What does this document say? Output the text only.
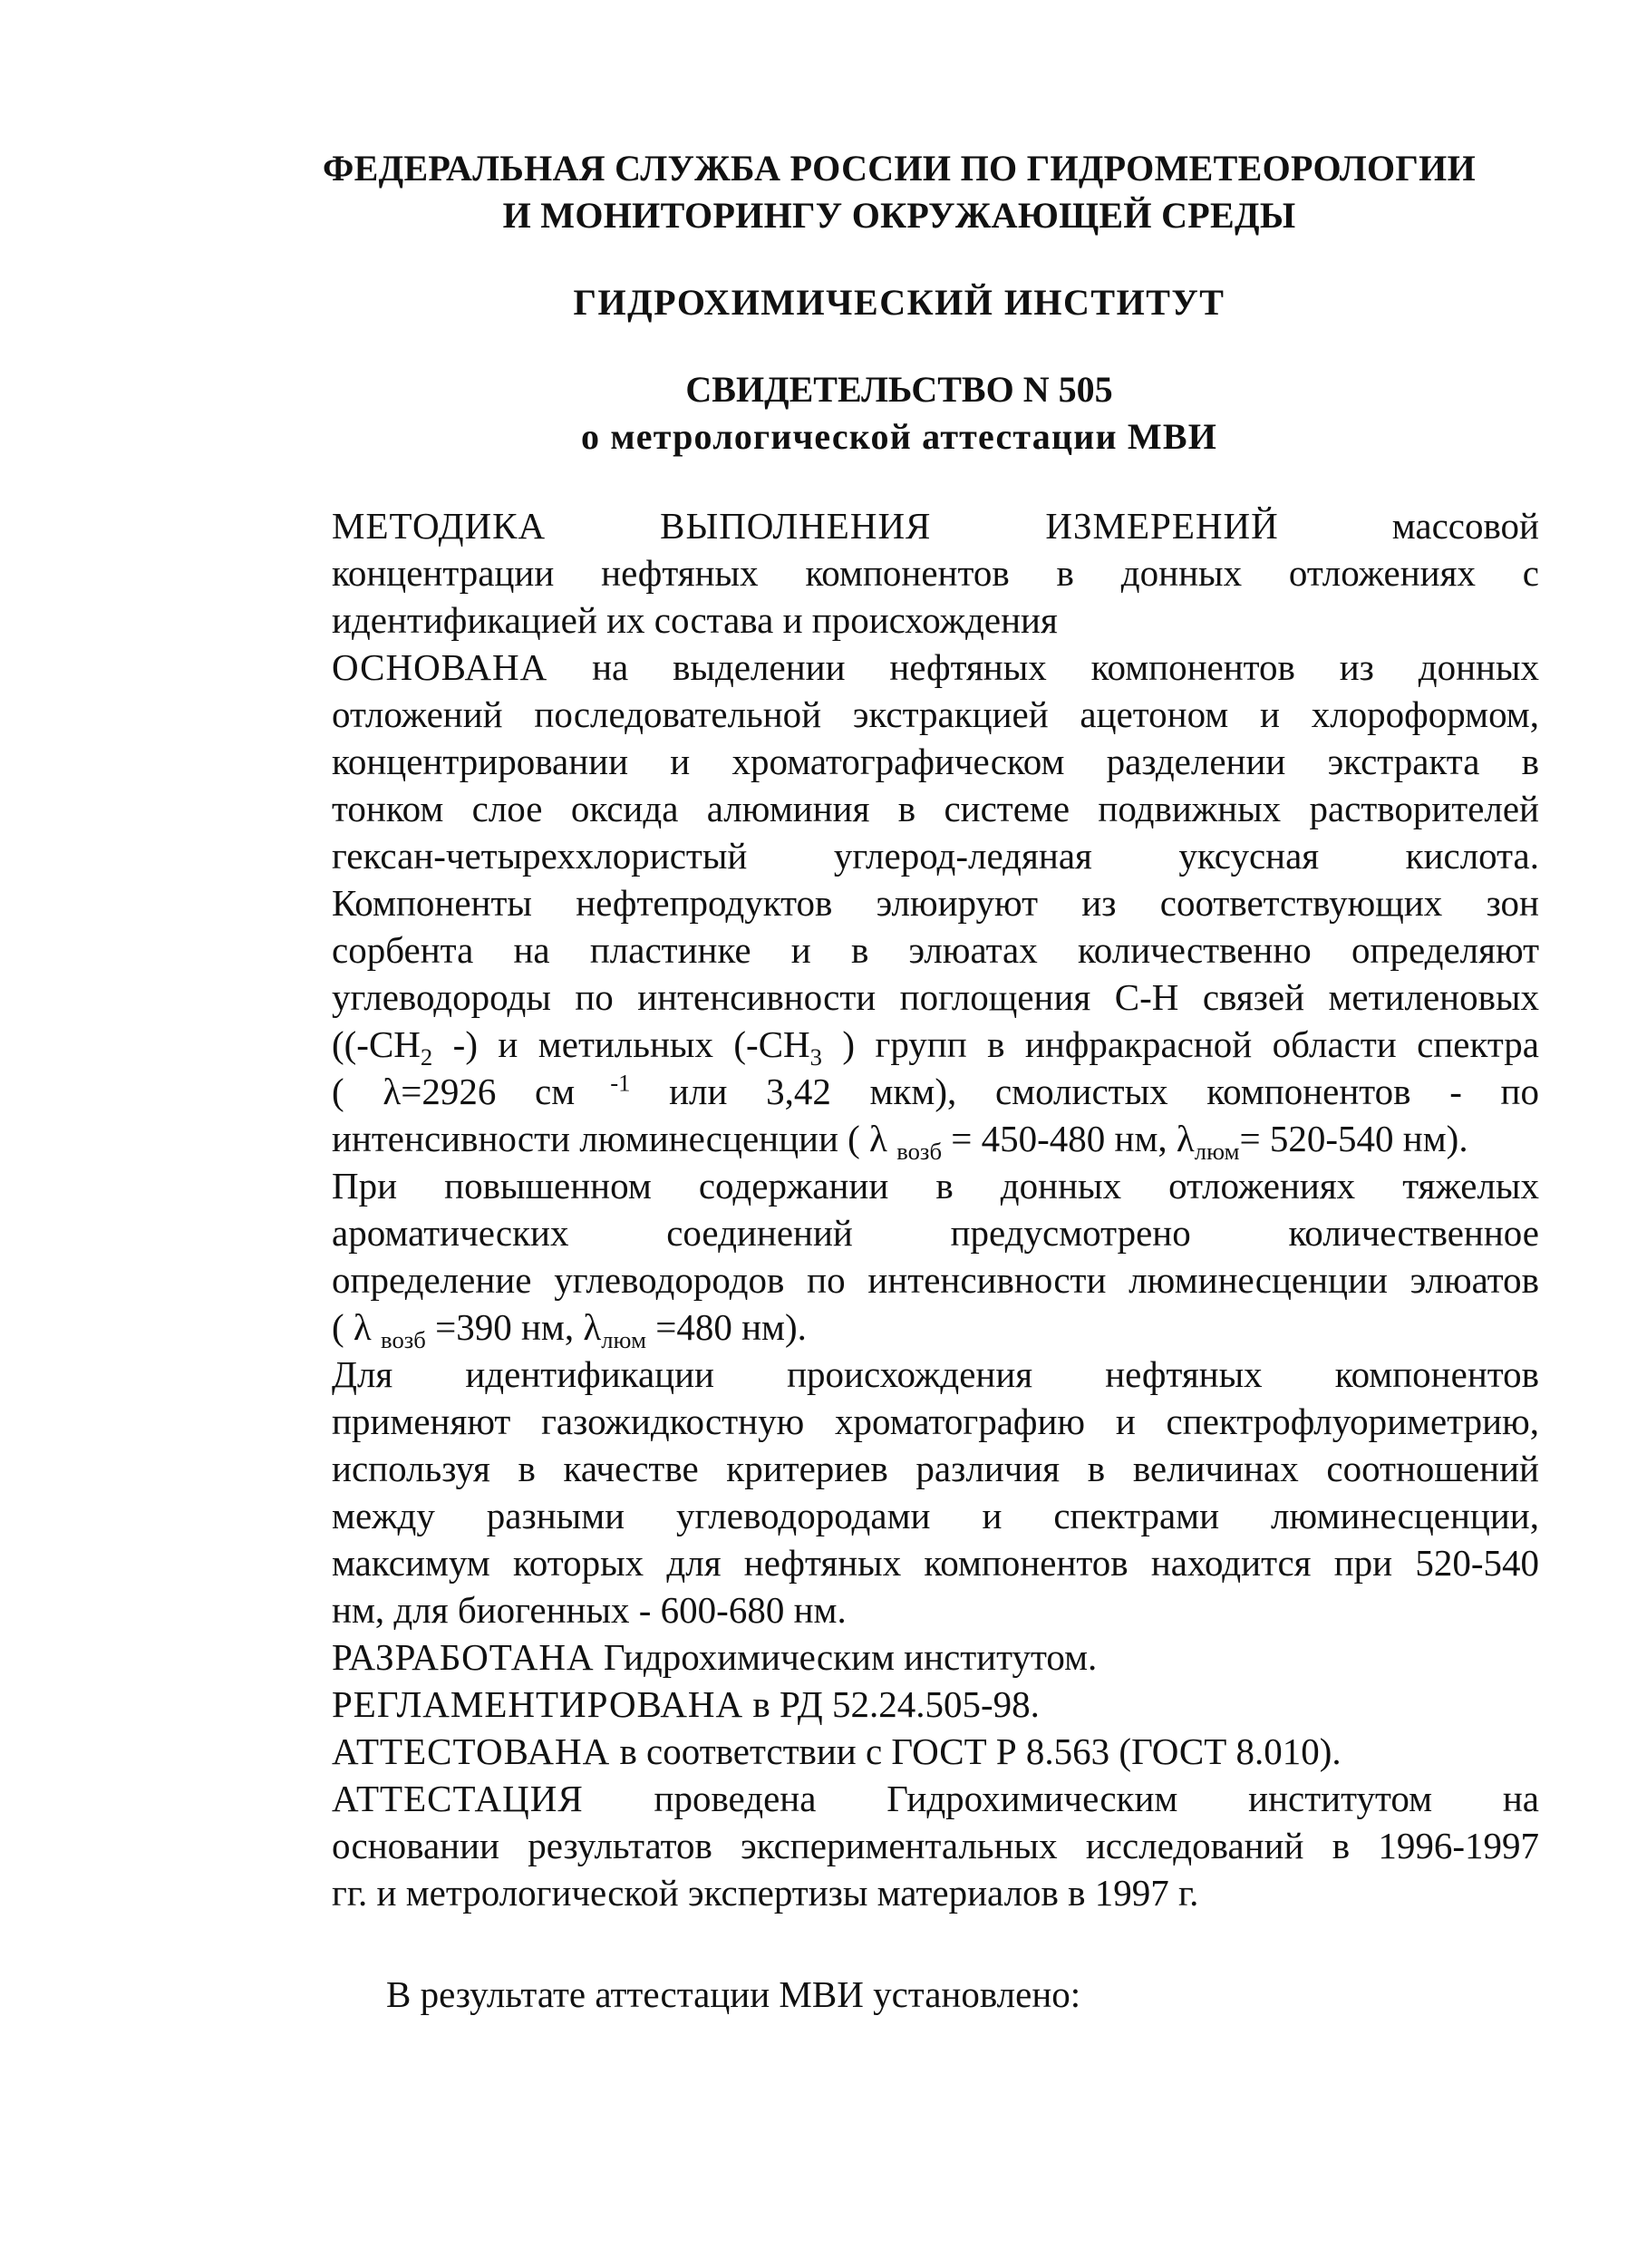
ФЕДЕРАЛЬНАЯ СЛУЖБА РОССИИ ПО ГИДРОМЕТЕОРОЛОГИИ

И МОНИТОРИНГУ ОКРУЖАЮЩЕЙ СРЕДЫ

ГИДРОХИМИЧЕСКИЙ ИНСТИТУТ

СВИДЕТЕЛЬСТВО N 505

о метрологической аттестации МВИ

МЕТОДИКА ВЫПОЛНЕНИЯ ИЗМЕРЕНИЙ массовой
концентрации нефтяных компонентов в донных отложениях с
идентификацией их состава и происхождения
ОСНОВАНА на выделении нефтяных компонентов из донных
отложений последовательной экстракцией ацетоном и хлороформом,
концентрировании и хроматографическом разделении экстракта в
тонком слое оксида алюминия в системе подвижных растворителей
гексан-четыреххлористый углерод-ледяная уксусная кислота.
Компоненты нефтепродуктов элюируют из соответствующих зон
сорбента на пластинке и в элюатах количественно определяют
углеводороды по интенсивности поглощения С-Н связей метиленовых
(($-CH_2$ -) и метильных ($-CH_3$ ) групп в инфракрасной области спектра
( λ=2926 см $^{-1}$ или 3,42 мкм), смолистых компонентов - по
интенсивности люминесценции ( λ $_{возб}$ = 450-480 нм, $\lambda_{люм}= 520-540$ нм).
При повышенном содержании в донных отложениях тяжелых
ароматических соединений предусмотрено количественное
определение углеводородов по интенсивности люминесценции элюатов
( λ $_{возб}$ =390 нм, $\lambda_{люм} =480$ нм).
Для идентификации происхождения нефтяных компонентов
применяют газожидкостную хроматографию и спектрофлуориметрию,
используя в качестве критериев различия в величинах соотношений
между разными углеводородами и спектрами люминесценции,
максимум которых для нефтяных компонентов находится при 520-540
нм, для биогенных - 600-680 нм.
РАЗРАБОТАНА Гидрохимическим институтом.
РЕГЛАМЕНТИРОВАНА в РД 52.24.505-98.
АТТЕСТОВАНА в соответствии с ГОСТ Р 8.563 (ГОСТ 8.010).
АТТЕСТАЦИЯ проведена Гидрохимическим институтом на
основании результатов экспериментальных исследований в 1996-1997
гг. и метрологической экспертизы материалов в 1997 г.

В результате аттестации МВИ установлено:
